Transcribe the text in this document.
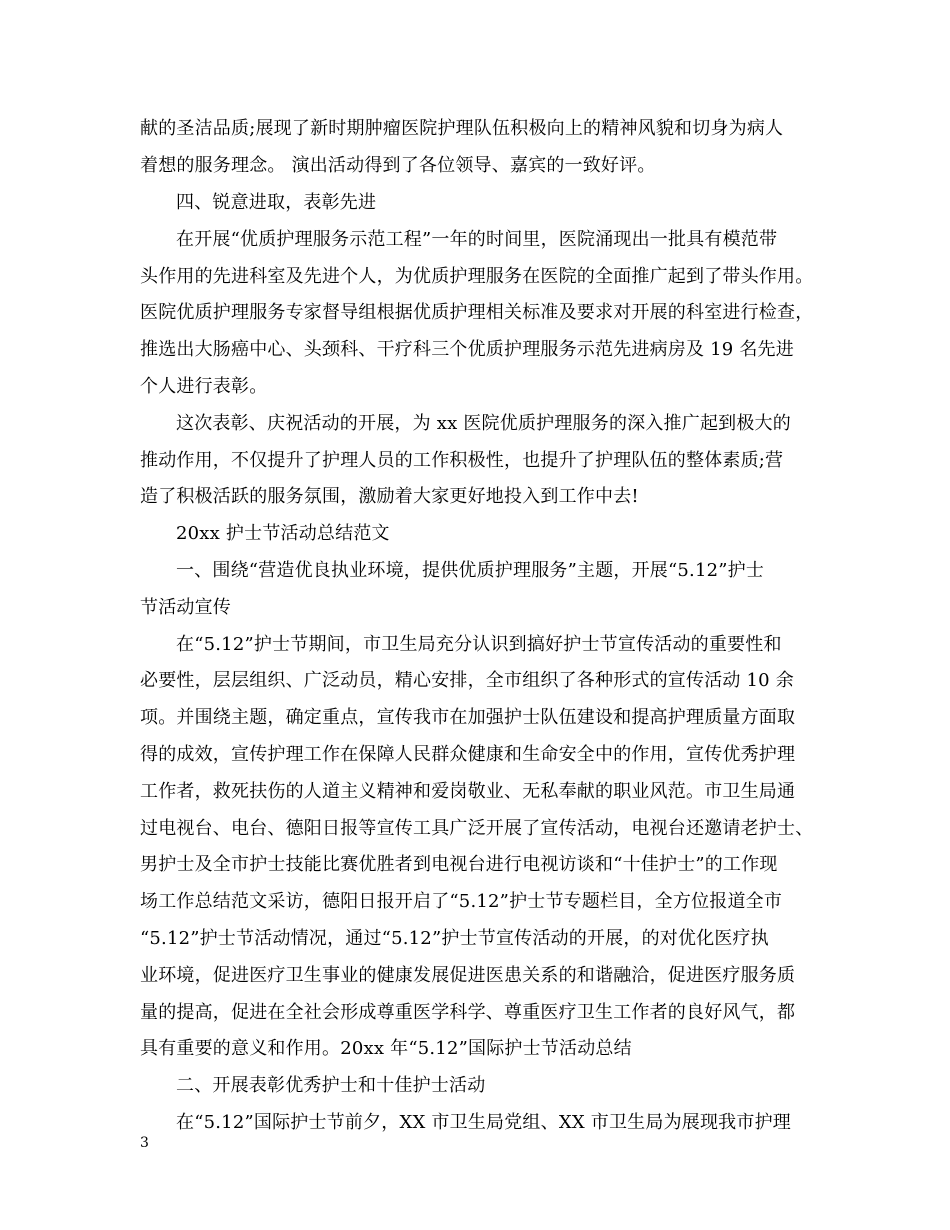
献的圣洁品质;展现了新时期肿瘤医院护理队伍积极向上的精神风貌和切身为病人
着想的服务理念。 演出活动得到了各位领导、嘉宾的一致好评。
四、锐意进取，表彰先进
在开展“优质护理服务示范工程”一年的时间里，医院涌现出一批具有模范带
头作用的先进科室及先进个人，为优质护理服务在医院的全面推广起到了带头作用。
医院优质护理服务专家督导组根据优质护理相关标准及要求对开展的科室进行检查，
推选出大肠癌中心、头颈科、干疗科三个优质护理服务示范先进病房及 19 名先进
个人进行表彰。
这次表彰、庆祝活动的开展，为 xx 医院优质护理服务的深入推广起到极大的
推动作用，不仅提升了护理人员的工作积极性，也提升了护理队伍的整体素质;营
造了积极活跃的服务氛围，激励着大家更好地投入到工作中去!
20xx 护士节活动总结范文
一、围绕“营造优良执业环境，提供优质护理服务”主题，开展“5.12”护士
节活动宣传
在“5.12”护士节期间，市卫生局充分认识到搞好护士节宣传活动的重要性和
必要性，层层组织、广泛动员，精心安排，全市组织了各种形式的宣传活动 10 余
项。并围绕主题，确定重点，宣传我市在加强护士队伍建设和提高护理质量方面取
得的成效，宣传护理工作在保障人民群众健康和生命安全中的作用，宣传优秀护理
工作者，救死扶伤的人道主义精神和爱岗敬业、无私奉献的职业风范。市卫生局通
过电视台、电台、德阳日报等宣传工具广泛开展了宣传活动，电视台还邀请老护士、
男护士及全市护士技能比赛优胜者到电视台进行电视访谈和“十佳护士”的工作现
场工作总结范文采访，德阳日报开启了“5.12”护士节专题栏目，全方位报道全市
“5.12”护士节活动情况，通过“5.12”护士节宣传活动的开展，的对优化医疗执
业环境，促进医疗卫生事业的健康发展促进医患关系的和谐融洽，促进医疗服务质
量的提高，促进在全社会形成尊重医学科学、尊重医疗卫生工作者的良好风气，都
具有重要的意义和作用。20xx 年“5.12”国际护士节活动总结
二、开展表彰优秀护士和十佳护士活动
在“5.12”国际护士节前夕，XX 市卫生局党组、XX 市卫生局为展现我市护理
3
